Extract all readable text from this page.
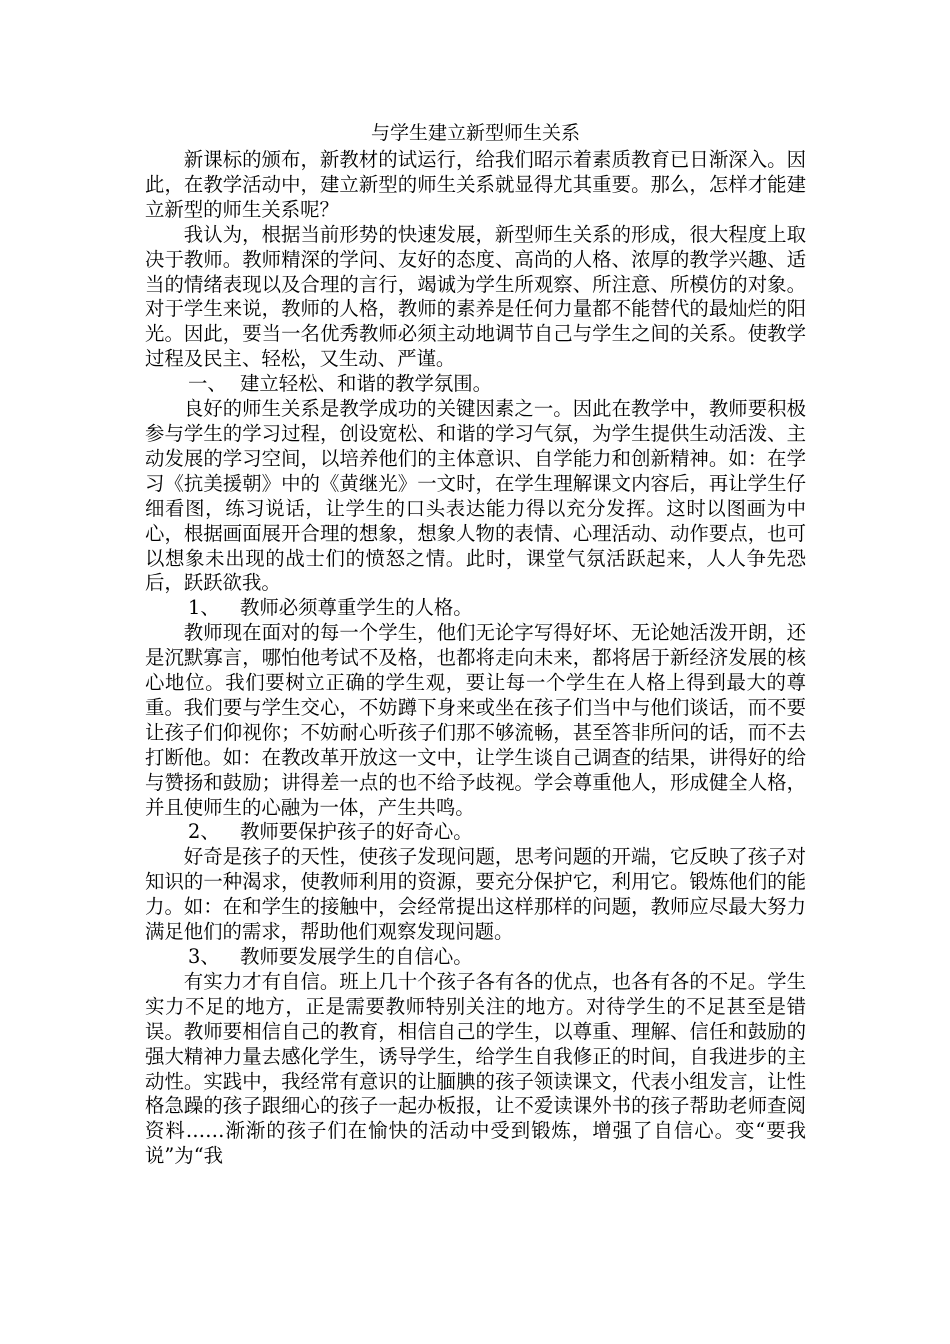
与学生建立新型师生关系

新课标的颁布，新教材的试运行，给我们昭示着素质教育已日渐深入。因此，在教学活动中，建立新型的师生关系就显得尤其重要。那么，怎样才能建立新型的师生关系呢？

我认为，根据当前形势的快速发展，新型师生关系的形成，很大程度上取决于教师。教师精深的学问、友好的态度、高尚的人格、浓厚的教学兴趣、适当的情绪表现以及合理的言行，竭诚为学生所观察、所注意、所模仿的对象。对于学生来说，教师的人格，教师的素养是任何力量都不能替代的最灿烂的阳光。因此，要当一名优秀教师必须主动地调节自己与学生之间的关系。使教学过程及民主、轻松，又生动、严谨。

一、 建立轻松、和谐的教学氛围。

良好的师生关系是教学成功的关键因素之一。因此在教学中，教师要积极参与学生的学习过程，创设宽松、和谐的学习气氛，为学生提供生动活泼、主动发展的学习空间，以培养他们的主体意识、自学能力和创新精神。如：在学习《抗美援朝》中的《黄继光》一文时，在学生理解课文内容后，再让学生仔细看图，练习说话，让学生的口头表达能力得以充分发挥。这时以图画为中心，根据画面展开合理的想象，想象人物的表情、心理活动、动作要点，也可以想象未出现的战士们的愤怒之情。此时，课堂气氛活跃起来，人人争先恐后，跃跃欲我。

1、 教师必须尊重学生的人格。

教师现在面对的每一个学生，他们无论字写得好坏、无论她活泼开朗，还是沉默寡言，哪怕他考试不及格，也都将走向未来，都将居于新经济发展的核心地位。我们要树立正确的学生观，要让每一个学生在人格上得到最大的尊重。我们要与学生交心，不妨蹲下身来或坐在孩子们当中与他们谈话，而不要让孩子们仰视你；不妨耐心听孩子们那不够流畅，甚至答非所问的话，而不去打断他。如：在教改革开放这一文中，让学生谈自己调查的结果，讲得好的给与赞扬和鼓励；讲得差一点的也不给予歧视。学会尊重他人，形成健全人格，并且使师生的心融为一体，产生共鸣。

2、 教师要保护孩子的好奇心。

好奇是孩子的天性，使孩子发现问题，思考问题的开端，它反映了孩子对知识的一种渴求，使教师利用的资源，要充分保护它，利用它。锻炼他们的能力。如：在和学生的接触中，会经常提出这样那样的问题，教师应尽最大努力满足他们的需求，帮助他们观察发现问题。

3、 教师要发展学生的自信心。

有实力才有自信。班上几十个孩子各有各的优点，也各有各的不足。学生实力不足的地方，正是需要教师特别关注的地方。对待学生的不足甚至是错误。教师要相信自己的教育，相信自己的学生，以尊重、理解、信任和鼓励的强大精神力量去感化学生，诱导学生，给学生自我修正的时间，自我进步的主动性。实践中，我经常有意识的让腼腆的孩子领读课文，代表小组发言，让性格急躁的孩子跟细心的孩子一起办板报，让不爱读课外书的孩子帮助老师查阅资料……渐渐的孩子们在愉快的活动中受到锻炼，增强了自信心。变“要我说”为“我
